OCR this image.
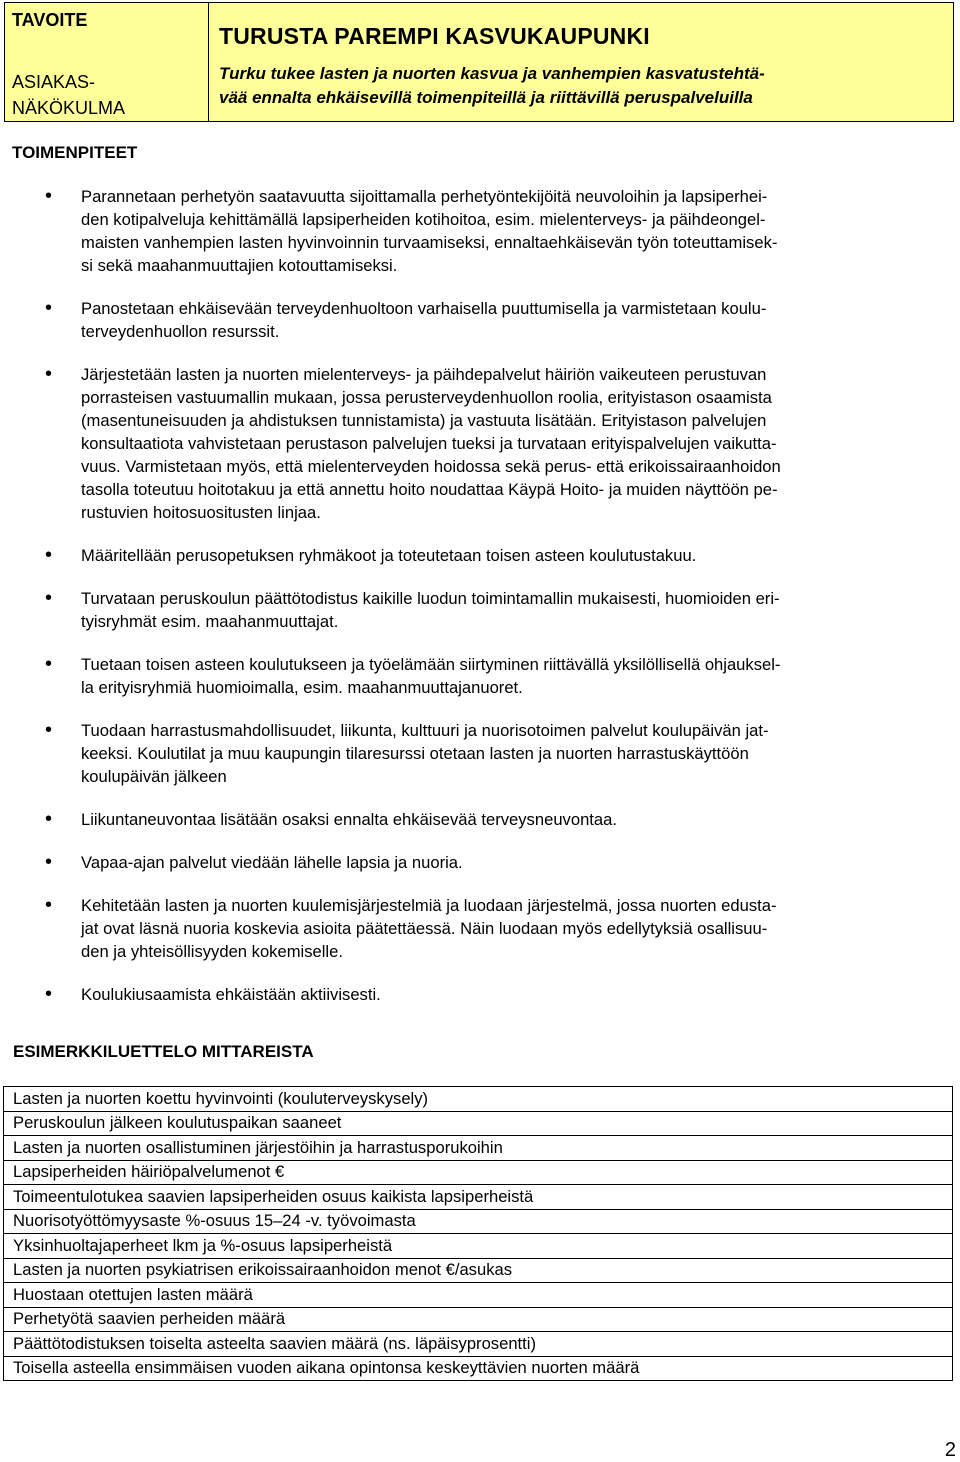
TAVOITE
ASIAKAS-
NÄKÖKULMA

TURUSTA PAREMPI KASVUKAUPUNKI
Turku tukee lasten ja nuorten kasvua ja vanhempien kasvatustehtä-
vää ennalta ehkäisevillä toimenpiteillä ja riittävillä peruspalveluilla
TOIMENPITEET
• Parannetaan perhetyön saatavuutta sijoittamalla perhetyöntekijöitä neuvoloihin ja lapsiperhei-
den kotipalveluja kehittämällä lapsiperheiden kotihoitoa, esim. mielenterveys- ja päihdeongel-
maisten vanhempien lasten hyvinvoinnin turvaamiseksi, ennaltaehkäisevän työn toteuttamisek-
si sekä maahanmuuttajien kotouttamiseksi.
• Panostetaan ehkäisevään terveydenhuoltoon varhaisella puuttumisella ja varmistetaan koulu-
terveydenhuollon resurssit.
• Järjestetään lasten ja nuorten mielenterveys- ja päihdepalvelut häiriön vaikeuteen perustuvan
porrasteisen vastuumallin mukaan, jossa perusterveydenhuollon roolia, erityistason osaamista
(masentuneisuuden ja ahdistuksen tunnistamista) ja vastuuta lisätään. Erityistason palvelujen
konsultaatiota vahvistetaan perustason palvelujen tueksi ja turvataan erityispalvelujen vaikutta-
vuus. Varmistetaan myös, että mielenterveyden hoidossa sekä perus- että erikoissairaanhoidon
tasolla toteutuu hoitotakuu ja että annettu hoito noudattaa Käypä Hoito- ja muiden näyttöön pe-
rustuvien hoitosuositusten linjaa.
• Määritellään perusopetuksen ryhmäkoot ja toteutetaan toisen asteen koulutustakuu.
• Turvataan peruskoulun päättötodistus kaikille luodun toimintamallin mukaisesti, huomioiden eri-
tyisryhmät esim. maahanmuuttajat.
• Tuetaan toisen asteen koulutukseen ja työelämään siirtyminen riittävällä yksilöllisellä ohjauksel-
la erityisryhmiä huomioimalla, esim. maahanmuuttajanuoret.
• Tuodaan harrastusmahdollisuudet, liikunta, kulttuuri ja nuorisotoimen palvelut koulupäivän jat-
keeksi. Koulutilat ja muu kaupungin tilaresurssi otetaan lasten ja nuorten harrastuskäyttöön
koulupäivän jälkeen
• Liikuntaneuvontaa lisätään osaksi ennalta ehkäisevää terveysneuvontaa.
• Vapaa-ajan palvelut viedään lähelle lapsia ja nuoria.
• Kehitetään lasten ja nuorten kuulemisjärjestelmiä ja luodaan järjestelmä, jossa nuorten edusta-
jat ovat läsnä nuoria koskevia asioita päätettäessä. Näin luodaan myös edellytyksiä osallisuu-
den ja yhteisöllisyyden kokemiselle.
• Koulukiusaamista ehkäistään aktiivisesti.
ESIMERKKILUETTELO MITTAREISTA
Lasten ja nuorten koettu hyvinvointi (kouluterveyskysely)
Peruskoulun jälkeen koulutuspaikan saaneet
Lasten ja nuorten osallistuminen järjestöihin ja harrastusporukoihin
Lapsiperheiden häiriöpalvelumenot €
Toimeentulotukea saavien lapsiperheiden osuus kaikista lapsiperheistä
Nuorisotyöttömyysaste %-osuus 15–24 -v. työvoimasta
Yksinhuoltajaperheet lkm ja %-osuus lapsiperheistä
Lasten ja nuorten psykiatrisen erikoissairaanhoidon menot €/asukas
Huostaan otettujen lasten määrä
Perhetyötä saavien perheiden määrä
Päättötodistuksen toiselta asteelta saavien määrä (ns. läpäisyprosentti)
Toisella asteella ensimmäisen vuoden aikana opintonsa keskeyttävien nuorten määrä
2
